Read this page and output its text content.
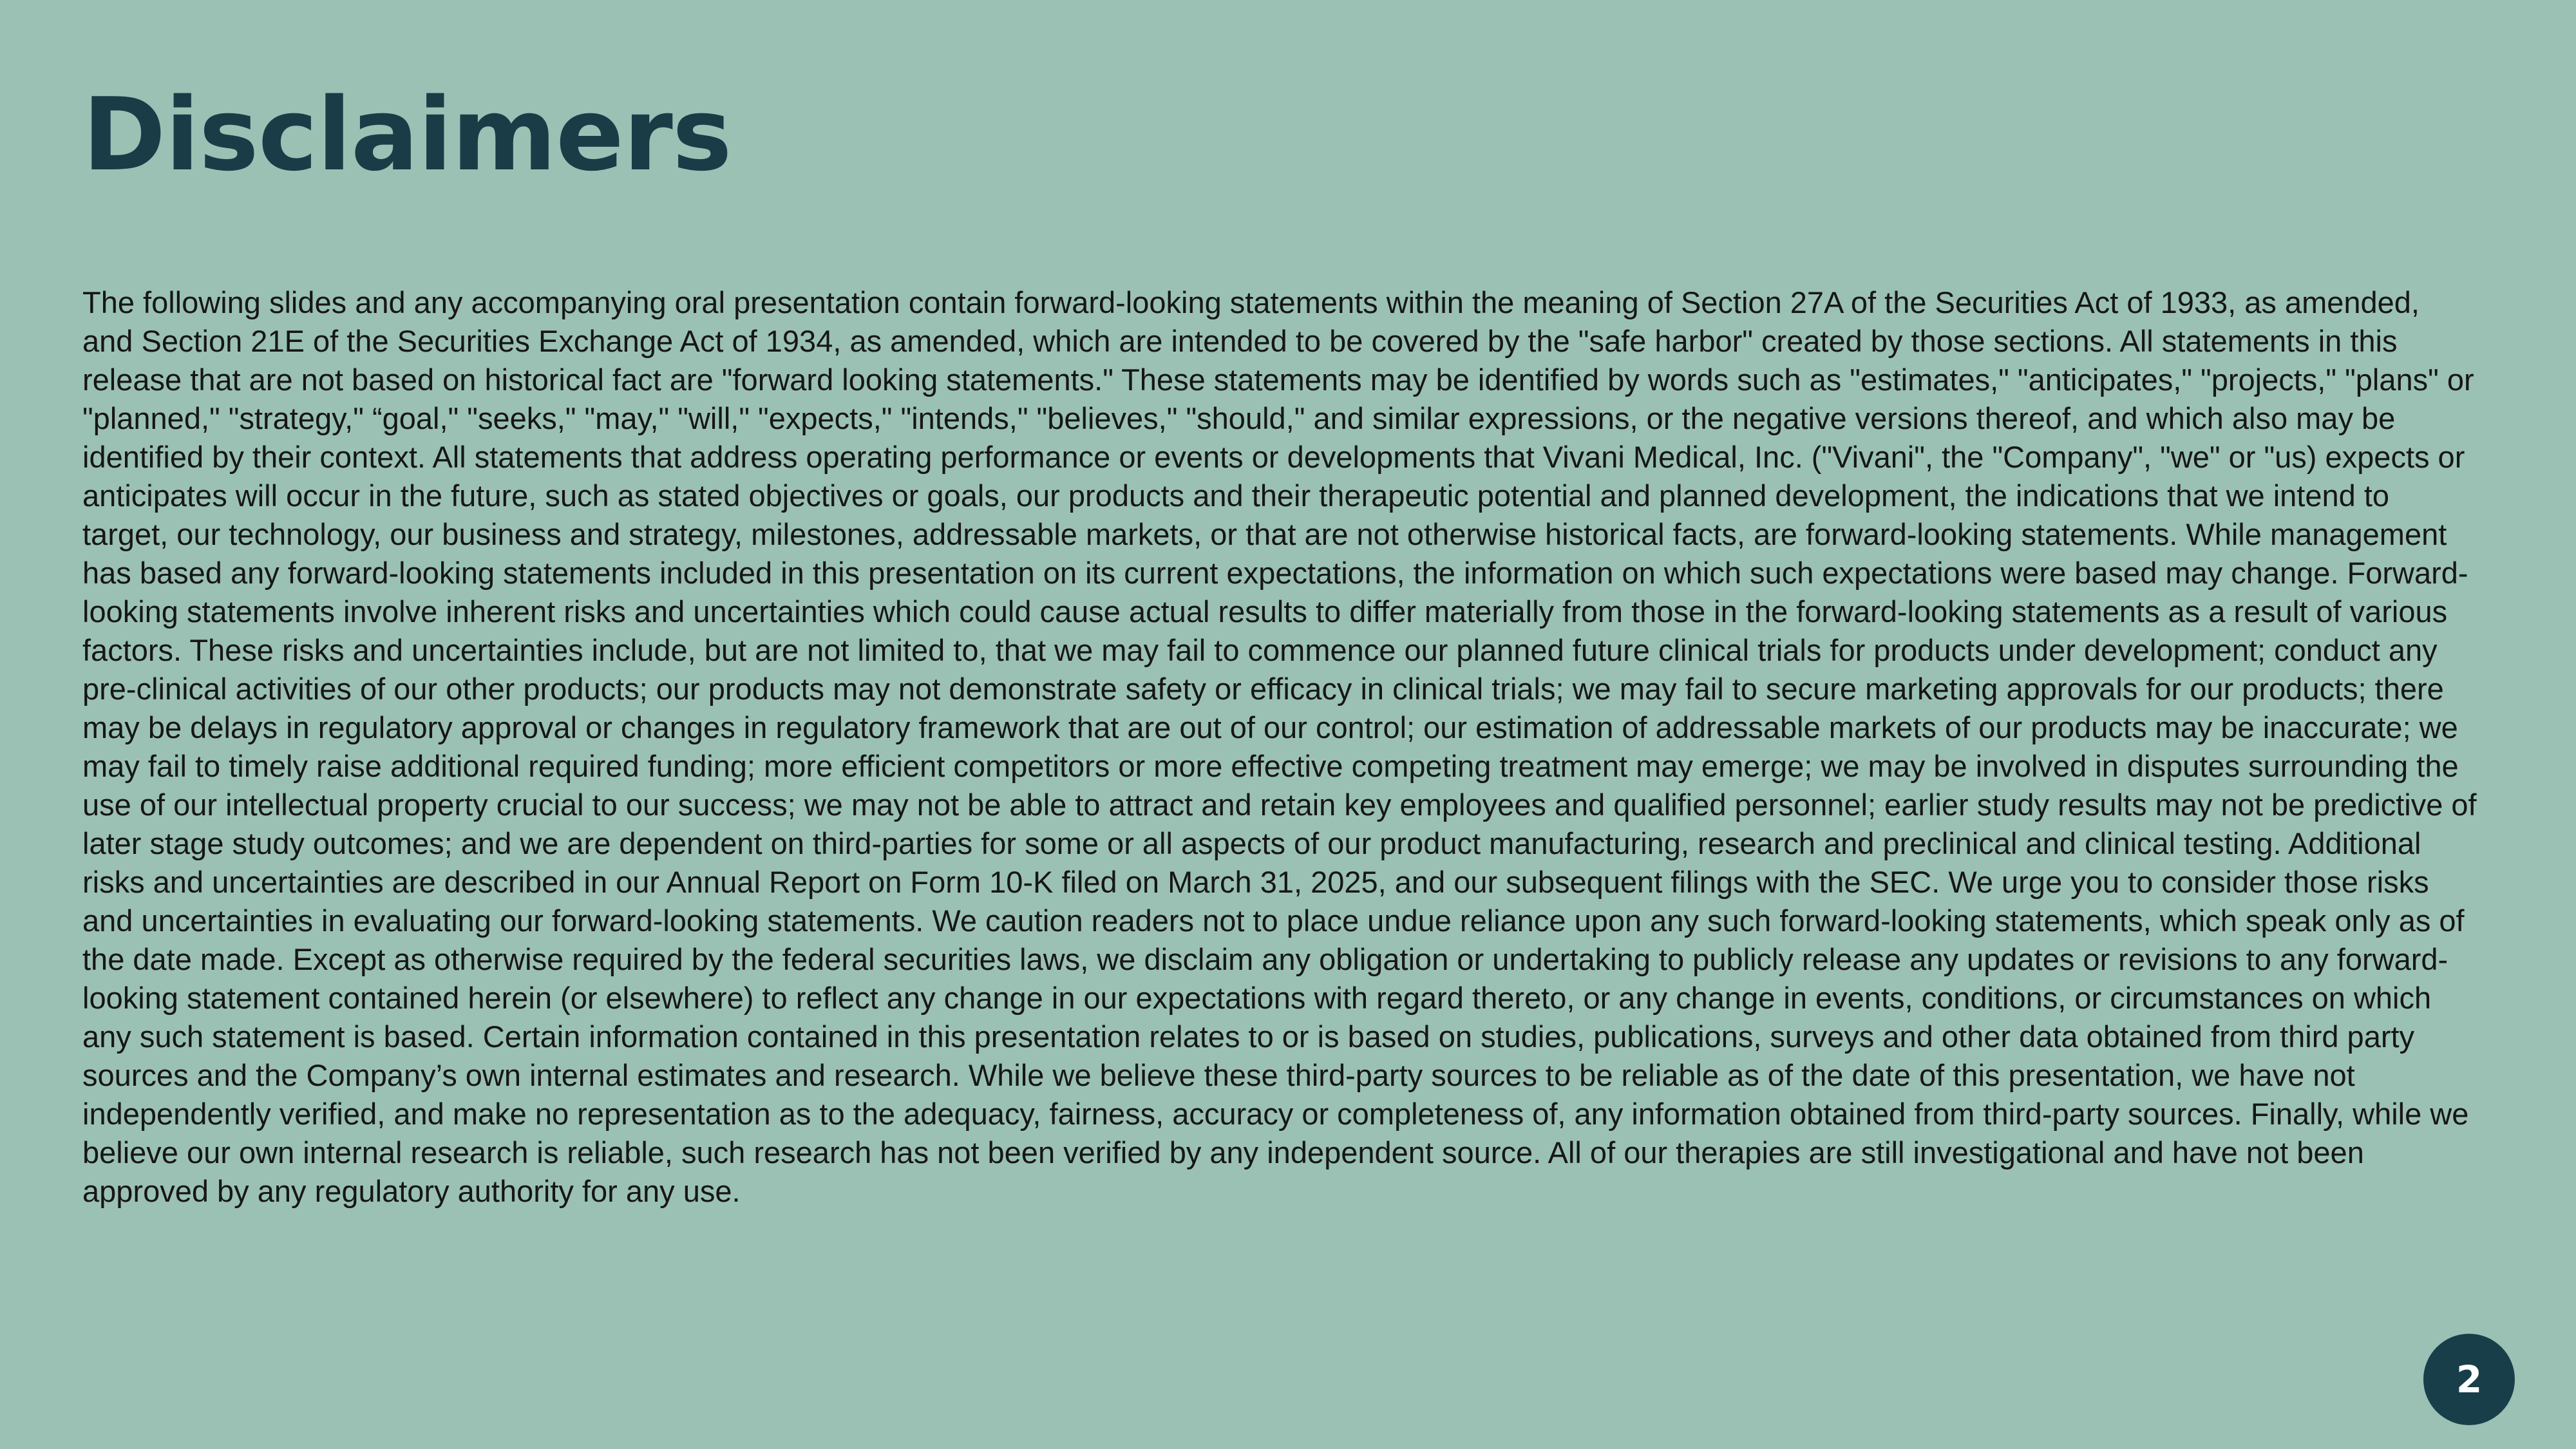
Disclaimers

The following slides and any accompanying oral presentation contain forward-looking statements within the meaning of Section 27A of the Securities Act of 1933, as amended, and Section 21E of the Securities Exchange Act of 1934, as amended, which are intended to be covered by the "safe harbor" created by those sections. All statements in this release that are not based on historical fact are "forward looking statements." These statements may be identified by words such as "estimates," "anticipates," "projects," "plans" or "planned," "strategy," “goal," "seeks," "may," "will," "expects," "intends," "believes," "should," and similar expressions, or the negative versions thereof, and which also may be identified by their context. All statements that address operating performance or events or developments that Vivani Medical, Inc. ("Vivani", the "Company", "we" or "us) expects or anticipates will occur in the future, such as stated objectives or goals, our products and their therapeutic potential and planned development, the indications that we intend to target, our technology, our business and strategy, milestones, addressable markets, or that are not otherwise historical facts, are forward-looking statements. While management has based any forward-looking statements included in this presentation on its current expectations, the information on which such expectations were based may change. Forward-looking statements involve inherent risks and uncertainties which could cause actual results to differ materially from those in the forward-looking statements as a result of various factors. These risks and uncertainties include, but are not limited to, that we may fail to commence our planned future clinical trials for products under development; conduct any pre-clinical activities of our other products; our products may not demonstrate safety or efficacy in clinical trials; we may fail to secure marketing approvals for our products; there may be delays in regulatory approval or changes in regulatory framework that are out of our control; our estimation of addressable markets of our products may be inaccurate; we may fail to timely raise additional required funding; more efficient competitors or more effective competing treatment may emerge; we may be involved in disputes surrounding the use of our intellectual property crucial to our success; we may not be able to attract and retain key employees and qualified personnel; earlier study results may not be predictive of later stage study outcomes; and we are dependent on third-parties for some or all aspects of our product manufacturing, research and preclinical and clinical testing. Additional risks and uncertainties are described in our Annual Report on Form 10-K filed on March 31, 2025, and our subsequent filings with the SEC. We urge you to consider those risks and uncertainties in evaluating our forward-looking statements. We caution readers not to place undue reliance upon any such forward-looking statements, which speak only as of the date made. Except as otherwise required by the federal securities laws, we disclaim any obligation or undertaking to publicly release any updates or revisions to any forward-looking statement contained herein (or elsewhere) to reflect any change in our expectations with regard thereto, or any change in events, conditions, or circumstances on which any such statement is based. Certain information contained in this presentation relates to or is based on studies, publications, surveys and other data obtained from third party sources and the Company’s own internal estimates and research. While we believe these third-party sources to be reliable as of the date of this presentation, we have not independently verified, and make no representation as to the adequacy, fairness, accuracy or completeness of, any information obtained from third-party sources. Finally, while we believe our own internal research is reliable, such research has not been verified by any independent source. All of our therapies are still investigational and have not been approved by any regulatory authority for any use.

2
